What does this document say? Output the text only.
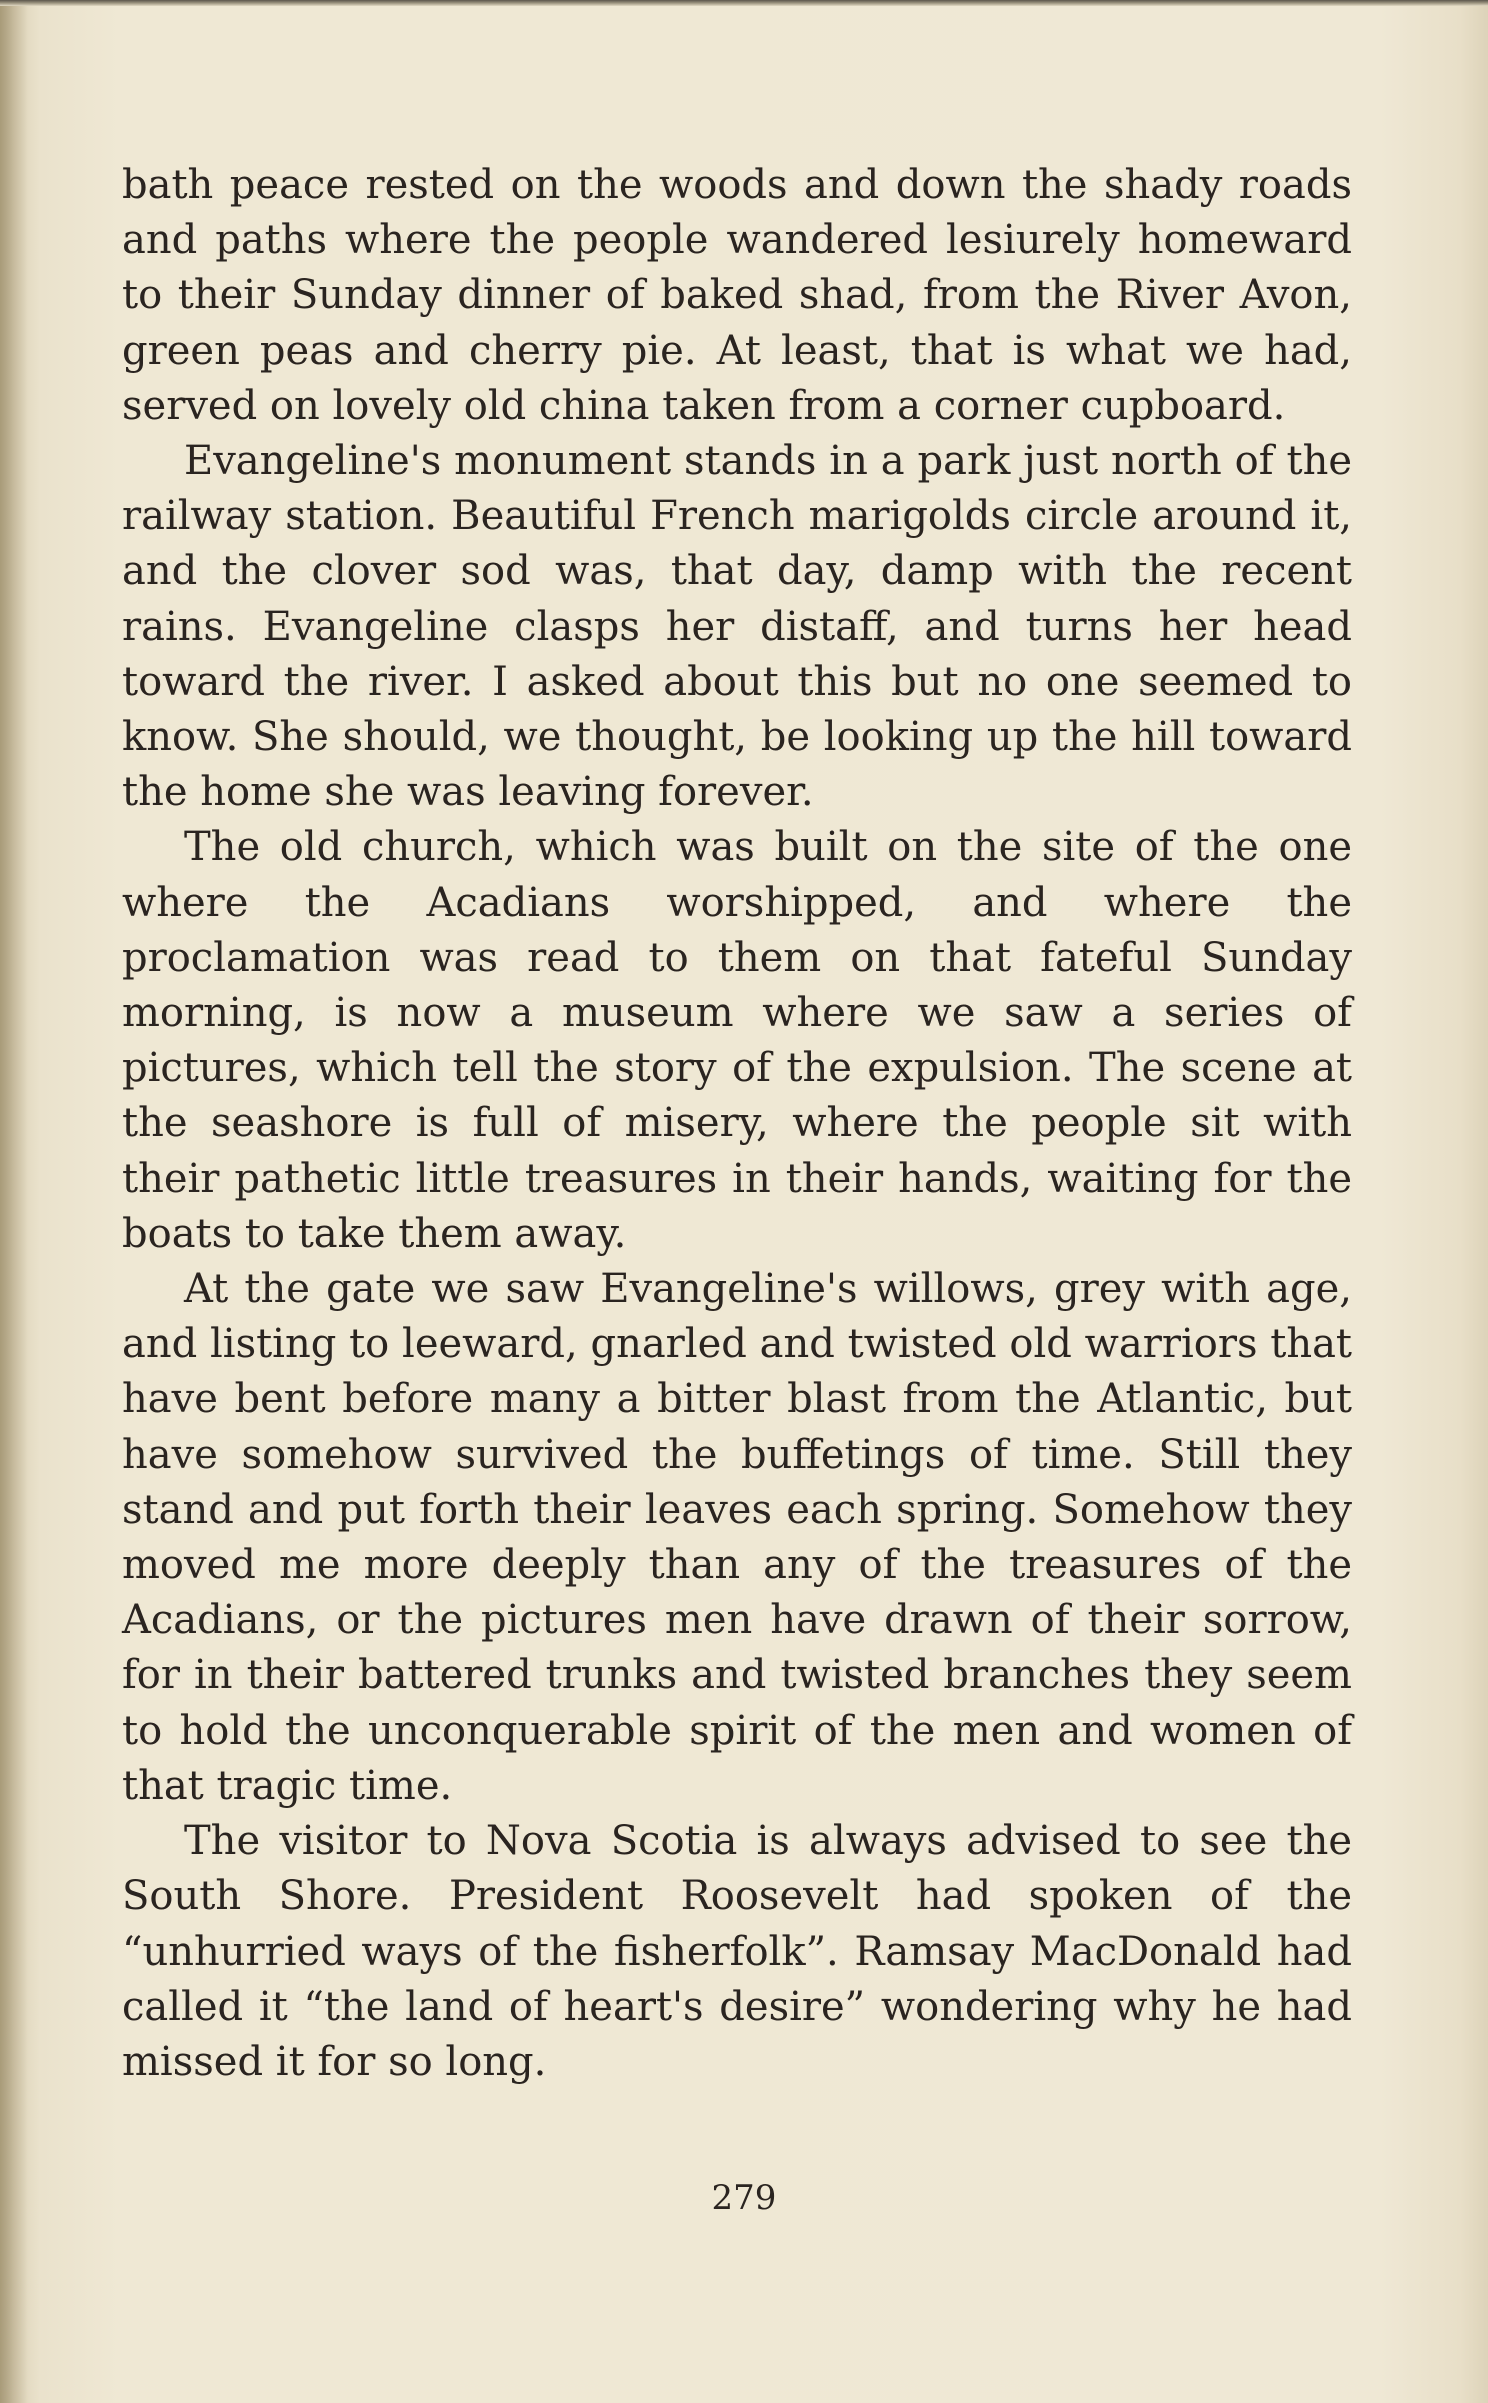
bath peace rested on the woods and down the shady roads and paths where the people wandered lesiurely homeward to their Sunday dinner of baked shad, from the River Avon, green peas and cherry pie. At least, that is what we had, served on lovely old china taken from a corner cupboard.

Evangeline's monument stands in a park just north of the railway station. Beautiful French marigolds circle around it, and the clover sod was, that day, damp with the recent rains. Evangeline clasps her distaff, and turns her head toward the river. I asked about this but no one seemed to know. She should, we thought, be looking up the hill toward the home she was leaving forever.

The old church, which was built on the site of the one where the Acadians worshipped, and where the proclamation was read to them on that fateful Sunday morning, is now a museum where we saw a series of pictures, which tell the story of the expulsion. The scene at the seashore is full of misery, where the people sit with their pathetic little treasures in their hands, waiting for the boats to take them away.

At the gate we saw Evangeline's willows, grey with age, and listing to leeward, gnarled and twisted old warriors that have bent before many a bitter blast from the Atlantic, but have somehow survived the buffetings of time. Still they stand and put forth their leaves each spring. Somehow they moved me more deeply than any of the treasures of the Acadians, or the pictures men have drawn of their sorrow, for in their battered trunks and twisted branches they seem to hold the unconquerable spirit of the men and women of that tragic time.

The visitor to Nova Scotia is always advised to see the South Shore. President Roosevelt had spoken of the “unhurried ways of the fisherfolk”. Ramsay MacDonald had called it “the land of heart's desire” wondering why he had missed it for so long.

279
